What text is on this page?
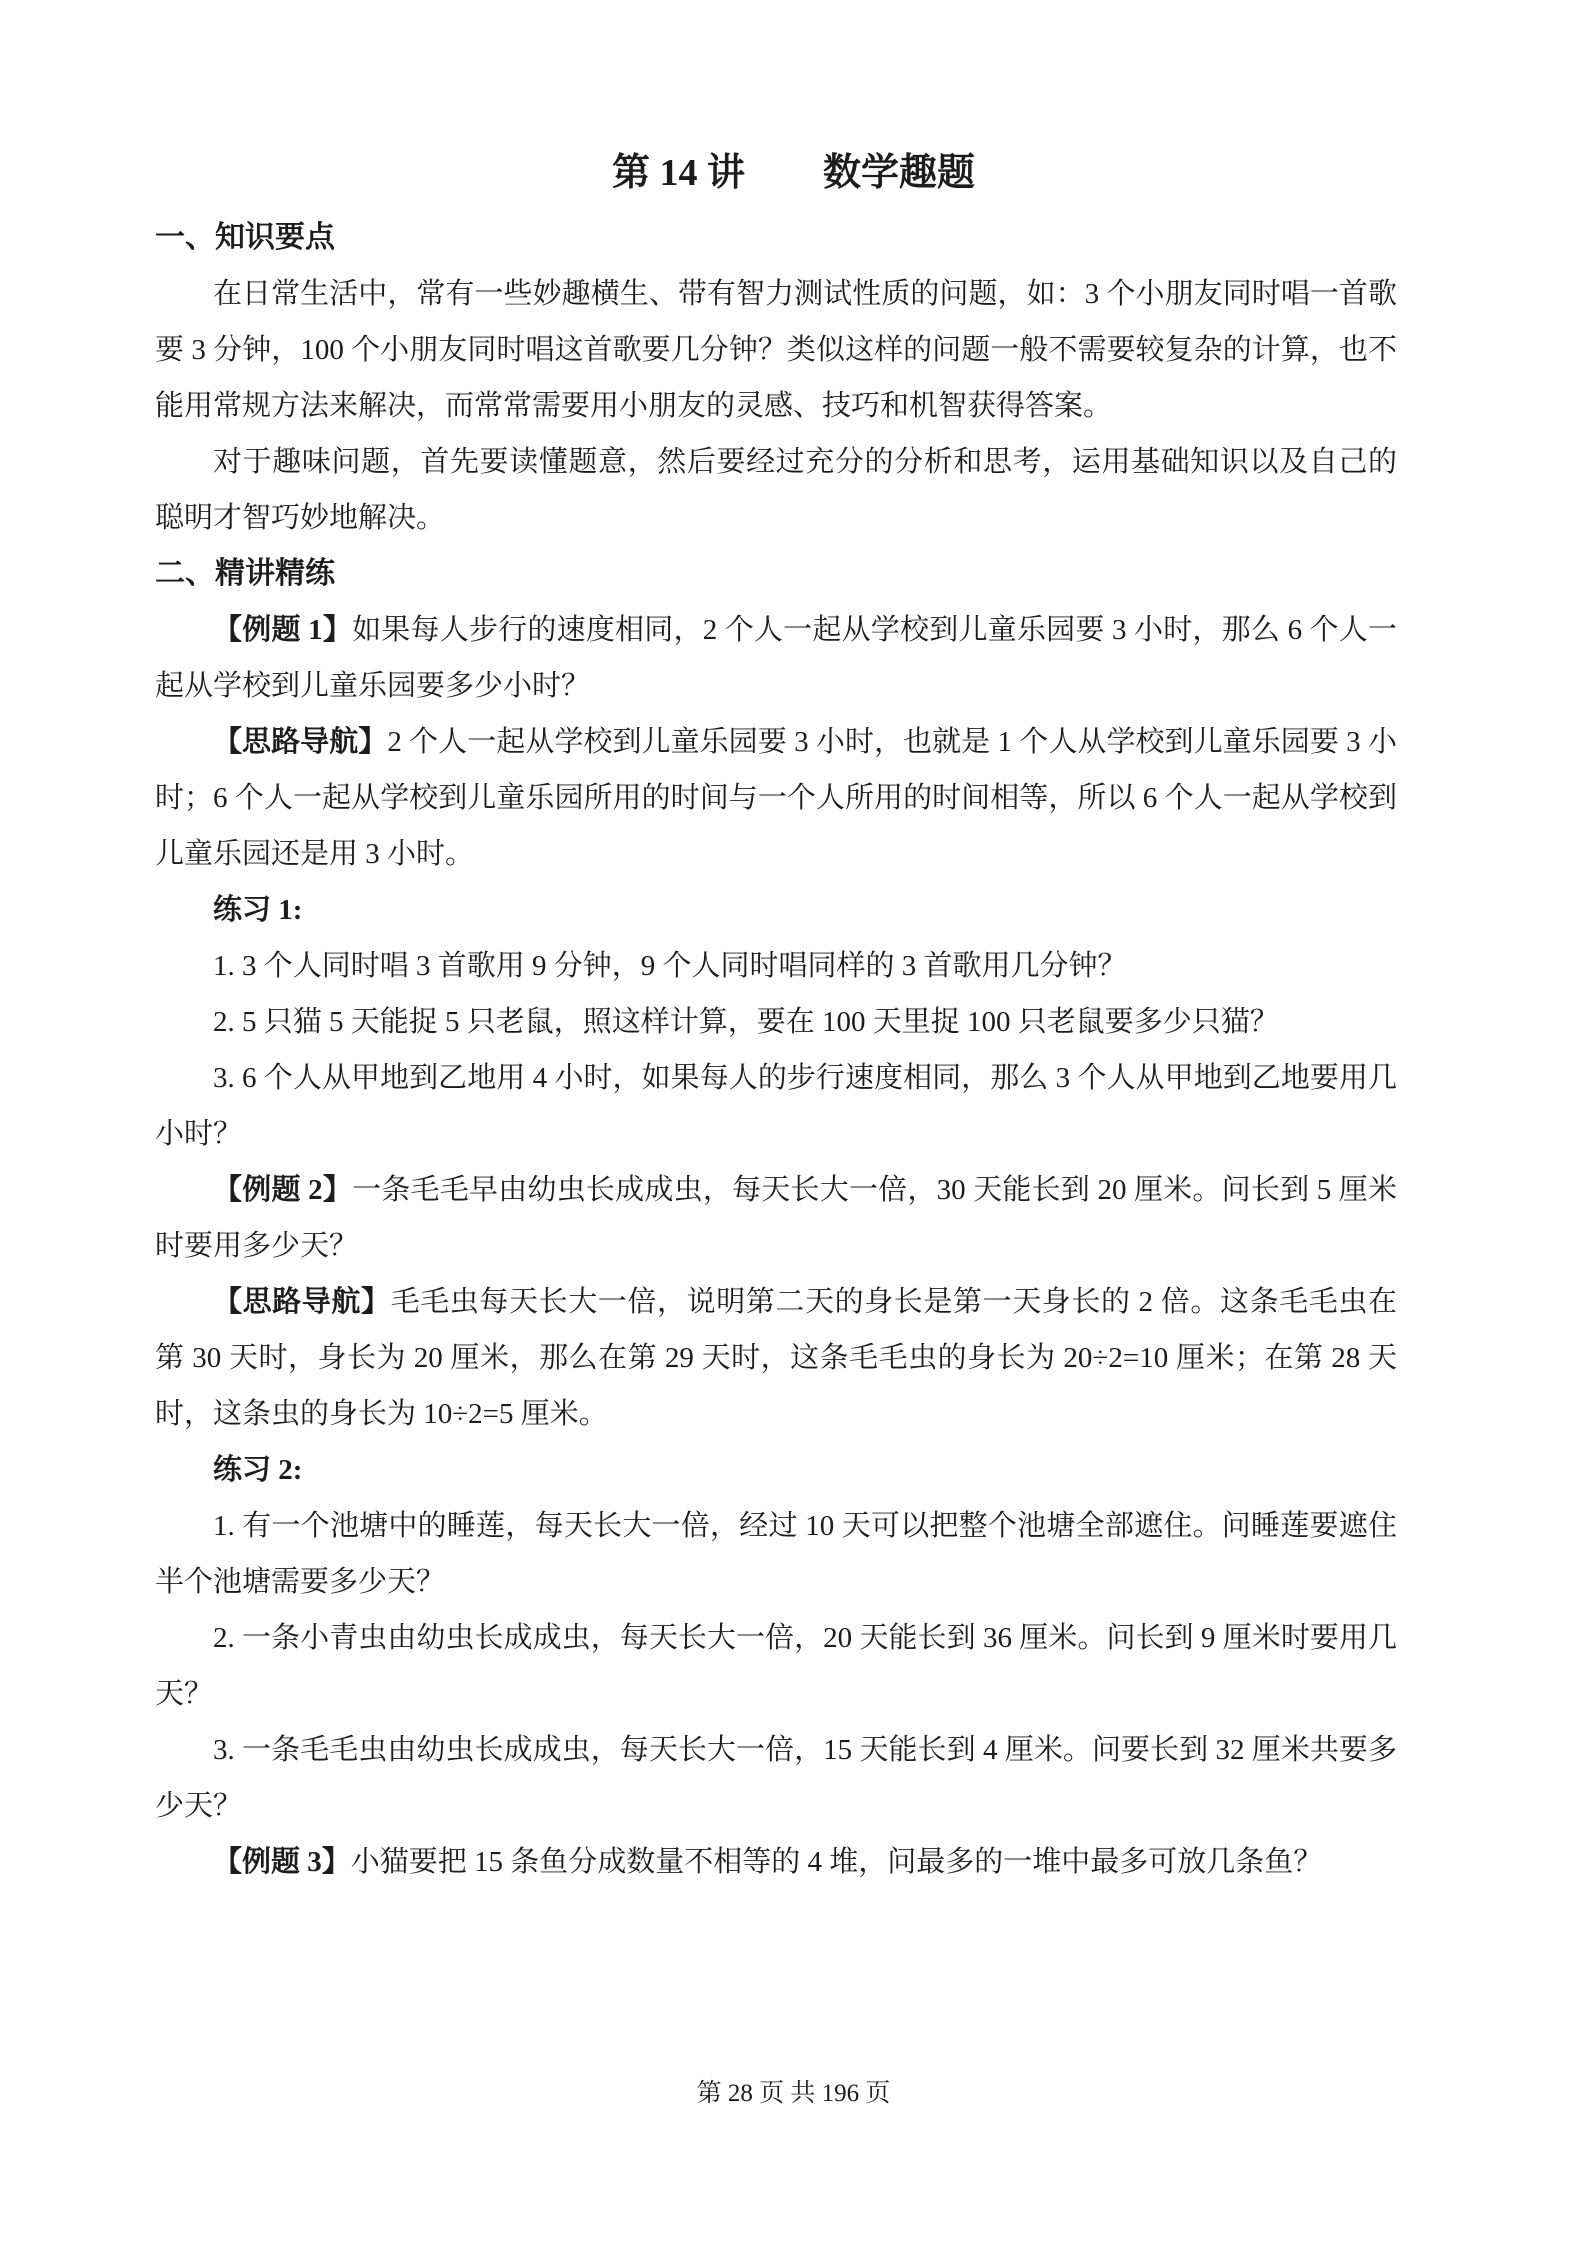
第 14 讲 数学趣题

一、知识要点

在日常生活中，常有一些妙趣横生、带有智力测试性质的问题，如：3 个小朋友同时唱一首歌要 3 分钟，100 个小朋友同时唱这首歌要几分钟？类似这样的问题一般不需要较复杂的计算，也不能用常规方法来解决，而常常需要用小朋友的灵感、技巧和机智获得答案。

对于趣味问题，首先要读懂题意，然后要经过充分的分析和思考，运用基础知识以及自己的聪明才智巧妙地解决。

二、精讲精练

【例题 1】如果每人步行的速度相同，2 个人一起从学校到儿童乐园要 3 小时，那么 6 个人一起从学校到儿童乐园要多少小时？

【思路导航】2 个人一起从学校到儿童乐园要 3 小时，也就是 1 个人从学校到儿童乐园要 3 小时；6 个人一起从学校到儿童乐园所用的时间与一个人所用的时间相等，所以 6 个人一起从学校到儿童乐园还是用 3 小时。

练习 1:

1. 3 个人同时唱 3 首歌用 9 分钟，9 个人同时唱同样的 3 首歌用几分钟？

2. 5 只猫 5 天能捉 5 只老鼠，照这样计算，要在 100 天里捉 100 只老鼠要多少只猫？

3. 6 个人从甲地到乙地用 4 小时，如果每人的步行速度相同，那么 3 个人从甲地到乙地要用几小时？

【例题 2】一条毛毛早由幼虫长成成虫，每天长大一倍，30 天能长到 20 厘米。问长到 5 厘米时要用多少天？

【思路导航】毛毛虫每天长大一倍，说明第二天的身长是第一天身长的 2 倍。这条毛毛虫在第 30 天时，身长为 20 厘米，那么在第 29 天时，这条毛毛虫的身长为 20÷2=10 厘米；在第 28 天时，这条虫的身长为 10÷2=5 厘米。

练习 2:

1. 有一个池塘中的睡莲，每天长大一倍，经过 10 天可以把整个池塘全部遮住。问睡莲要遮住半个池塘需要多少天？

2. 一条小青虫由幼虫长成成虫，每天长大一倍，20 天能长到 36 厘米。问长到 9 厘米时要用几天？

3. 一条毛毛虫由幼虫长成成虫，每天长大一倍，15 天能长到 4 厘米。问要长到 32 厘米共要多少天？

【例题 3】小猫要把 15 条鱼分成数量不相等的 4 堆，问最多的一堆中最多可放几条鱼？

第 28 页 共 196 页
